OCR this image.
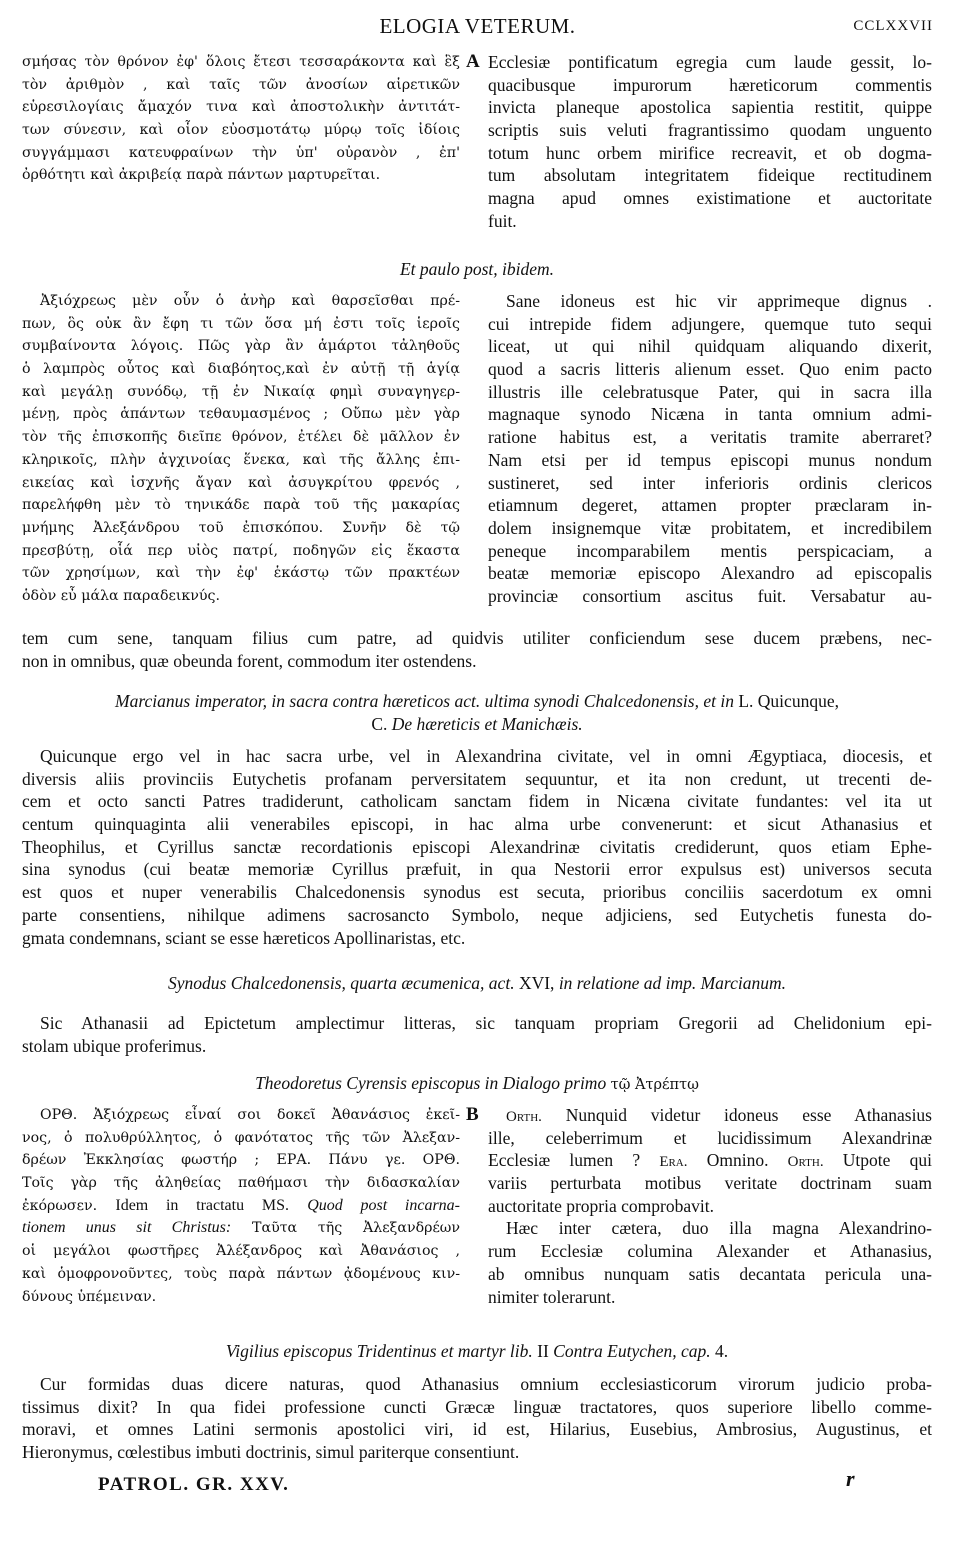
ELOGIA VETERUM.	CCLXXVII
σμήσας τὸν θρόνον ἐφ' ὅλοις ἔτεσι τεσσαράκοντα καὶ ἓξ
τὸν ἀριθμὸν , καὶ ταῖς τῶν ἀνοσίων αἱρετικῶν
εὑρεσιλογίαις ἄμαχόν τινα καὶ ἀποστολικὴν ἀντιτάτ-
των σύνεσιν, καὶ οἷον εὐοσμοτάτῳ μύρῳ τοῖς ἰδίοις
συγγάμμασι κατευφραίνων τὴν ὑπ' οὐρανὸν , ἐπ'
ὀρθότητι καὶ ἀκριβείᾳ παρὰ πάντων μαρτυρεῖται.
A Ecclesiæ pontificatum egregia cum laude gessit, lo-
quacibusque impurorum hæreticorum commentis
invicta planeque apostolica sapientia restitit, quippe
scriptis suis veluti fragrantissimo quodam unguento
totum hunc orbem mirifice recreavit, et ob dogma-
tum absolutam integritatem fideique rectitudinem
magna apud omnes existimatione et auctoritate
fuit.
Et paulo post, ibidem.
Ἀξιόχρεως μὲν οὖν ὁ ἀνὴρ καὶ θαρσεῖσθαι πρέ-
πων, ὃς οὐκ ἂν ἔφη τι τῶν ὅσα μή ἐστι τοῖς ἱεροῖς
συμβαίνοντα λόγοις. Πῶς γὰρ ἂν ἁμάρτοι τἀληθοῦς
ὁ λαμπρὸς οὗτος καὶ διαβόητος,καὶ ἐν αὐτῇ τῇ ἁγίᾳ
καὶ μεγάλῃ συνόδῳ, τῇ ἐν Νικαίᾳ φημὶ συναγηγερ-
μένῃ, πρὸς ἁπάντων τεθαυμασμένος ; Οὔπω μὲν γὰρ
τὸν τῆς ἐπισκοπῆς διεῖπε θρόνον, ἐτέλει δὲ μᾶλλον ἐν
κληρικοῖς, πλὴν ἀγχινοίας ἕνεκα, καὶ τῆς ἄλλης ἐπι-
εικείας καὶ ἰσχνῆς ἄγαν καὶ ἀσυγκρίτου φρενός ,
παρελήφθη μὲν τὸ τηνικάδε παρὰ τοῦ τῆς μακαρίας
μνήμης Ἀλεξάνδρου τοῦ ἐπισκόπου. Συνῆν δὲ τῷ
πρεσβύτῃ, οἷά περ υἱὸς πατρί, ποδηγῶν εἰς ἕκαστα
τῶν χρησίμων, καὶ τὴν ἐφ' ἑκάστῳ τῶν πρακτέων
ὁδὸν εὖ μάλα παραδεικνύς.
Sane idoneus est hic vir apprimeque dignus .
cui intrepide fidem adjungere, quemque tuto sequi
liceat, ut qui nihil quidquam aliquando dixerit,
quod a sacris litteris alienum esset. Quo enim pacto
illustris ille celebratusque Pater, qui in sacra illa
magnaque synodo Nicæna in tanta omnium admi-
ratione habitus est, a veritatis tramite aberraret?
Nam etsi per id tempus episcopi munus nondum
sustineret, sed inter inferioris ordinis clericos
etiamnum degeret, attamen propter præclaram in-
dolem insignemque vitæ probitatem, et incredibilem
peneque incomparabilem mentis perspicaciam, a
beatæ memoriæ episcopo Alexandro ad episcopalis
provinciæ consortium ascitus fuit. Versabatur au-
tem cum sene, tanquam filius cum patre, ad quidvis utiliter conficiendum sese ducem præbens, nec-
non in omnibus, quæ obeunda forent, commodum iter ostendens.
Marcianus imperator, in sacra contra hæreticos act. ultima synodi Chalcedonensis, et in L. Quicunque,
C. De hæreticis et Manichæis.
Quicunque ergo vel in hac sacra urbe, vel in Alexandrina civitate, vel in omni Ægyptiaca, diocesis, et
diversis aliis provinciis Eutychetis profanam perversitatem sequuntur, et ita non credunt, ut trecenti de-
cem et octo sancti Patres tradiderunt, catholicam sanctam fidem in Nicæna civitate fundantes: vel ita ut
centum quinquaginta alii venerabiles episcopi, in hac alma urbe convenerunt: et sicut Athanasius et
Theophilus, et Cyrillus sanctæ recordationis episcopi Alexandrinæ civitatis crediderunt, quos etiam Ephe-
sina synodus (cui beatæ memoriæ Cyrillus præfuit, in qua Nestorii error expulsus est) universos secuta
est quos et nuper venerabilis Chalcedonensis synodus est secuta, prioribus conciliis sacerdotum ex omni
parte consentiens, nihilque adimens sacrosancto Symbolo, neque adjiciens, sed Eutychetis funesta do-
gmata condemnans, sciant se esse hæreticos Apollinaristas, etc.
Synodus Chalcedonensis, quarta æcumenica, act. XVI, in relatione ad imp. Marcianum.
Sic Athanasii ad Epictetum amplectimur litteras, sic tanquam propriam Gregorii ad Chelidonium epi-
stolam ubique proferimus.
Theodoretus Cyrensis episcopus in Dialogo primo τῷ Ἀτρέπτῳ
ΟΡΘ. Ἀξιόχρεως εἶναί σοι δοκεῖ Ἀθανάσιος ἐκεῖ-
νος, ὁ πολυθρύλλητος, ὁ φανότατος τῆς τῶν Ἀλεξαν-
δρέων Ἐκκλησίας φωστήρ ; ΕΡΑ. Πάνυ γε. ΟΡΘ.
Τοῖς γὰρ τῆς ἀληθείας παθήμασι τὴν διδασκαλίαν
ἐκόρωσεν. Idem in tractatu MS. Quod post incarna-
tionem unus sit Christus: Ταῦτα τῆς Ἀλεξανδρέων
οἱ μεγάλοι φωστῆρες Ἀλέξανδρος καὶ Ἀθανάσιος ,
καὶ ὁμοφρονοῦντες, τοὺς παρὰ πάντων ᾀδομένους κιν-
δύνους ὑπέμειναν.
B	Orth. Nunquid videtur idoneus esse Athanasius
ille, celeberrimum et lucidissimum Alexandrinæ
Ecclesiæ lumen ? Era. Omnino. Orth. Utpote qui
variis perturbata motibus veritate doctrinam suam
auctoritate propria comprobavit.
Hæc inter cætera, duo illa magna Alexandrino-
rum Ecclesiæ columina Alexander et Athanasius,
ab omnibus nunquam satis decantata pericula una-
nimiter tolerarunt.
Vigilius episcopus Tridentinus et martyr lib. II Contra Eutychen, cap. 4.
Cur formidas duas dicere naturas, quod Athanasius omnium ecclesiasticorum virorum judicio proba-
tissimus dixit? In qua fidei professione cuncti Græcæ linguæ tractatores, quos superiore libello comme-
moravi, et omnes Latini sermonis apostolici viri, id est, Hilarius, Eusebius, Ambrosius, Augustinus, et
Hieronymus, cœlestibus imbuti doctrinis, simul pariterque consentiunt.
PATROL. GR. XXV.	r
